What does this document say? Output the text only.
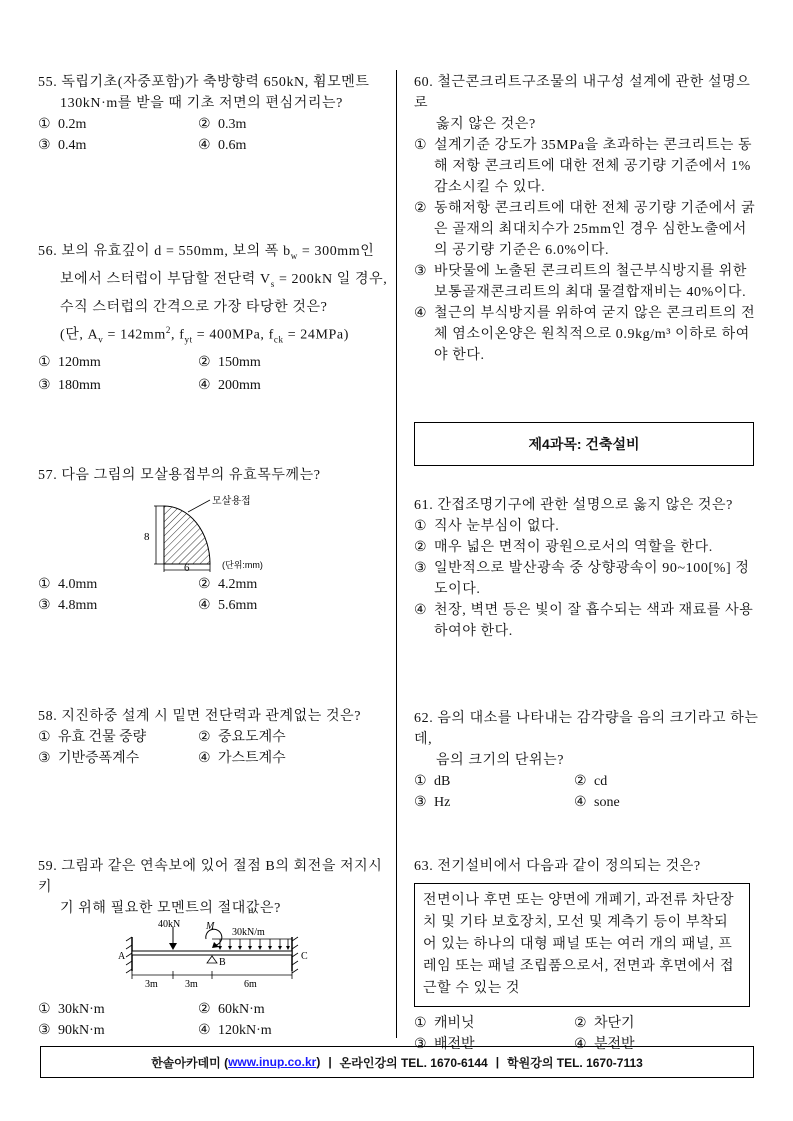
55. 독립기초(자중포함)가 축방향력 650kN, 휨모멘트

130kN·m를 받을 때 기초 저면의 편심거리는?

① 0.2m	② 0.3m
③ 0.4m	④ 0.6m

56. 보의 유효깊이 d = 550mm, 보의 폭 $b_w = 300mm$인

보에서 스터럽이 부담할 전단력 $V_s = 200kN$ 일 경우,

수직 스터럽의 간격으로 가장 타당한 것은?

(단, $A_v = 142mm^2$, $f_{yt} = 400MPa$, $f_{ck} = 24MPa$)

① 120mm	② 150mm
③ 180mm	④ 200mm

57. 다음 그림의 모살용접부의 유효목두께는?

8
모살용접
(단위:mm)
6
① 4.0mm	② 4.2mm
③ 4.8mm	④ 5.6mm

58. 지진하중 설계 시 밑면 전단력과 관계없는 것은?

① 유효 건물 중량	② 중요도계수
③ 기반증폭계수	④ 가스트계수

59. 그림과 같은 연속보에 있어 절점 B의 회전을 저지시키

기 위해 필요한 모멘트의 절대값은?

40kN	M
30kN/m
B
A	C
3m	3m	6m
① 30kN·m	② 60kN·m
③ 90kN·m	④ 120kN·m

60. 철근콘크리트구조물의 내구성 설계에 관한 설명으로

옳지 않은 것은?

① 설계기준 강도가 35MPa을 초과하는 콘크리트는 동해 저항 콘크리트에 대한 전체 공기량 기준에서 1% 감소시킬 수 있다.
② 동해저항 콘크리트에 대한 전체 공기량 기준에서 굵은 골재의 최대치수가 25mm인 경우 심한노출에서의 공기량 기준은 6.0%이다.
③ 바닷물에 노출된 콘크리트의 철근부식방지를 위한 보통골재콘크리트의 최대 물결합재비는 40%이다.
④ 철근의 부식방지를 위하여 굳지 않은 콘크리트의 전체 염소이온양은 원칙적으로 0.9kg/m³ 이하로 하여야 한다.
제4과목: 건축설비

61. 간접조명기구에 관한 설명으로 옳지 않은 것은?

① 직사 눈부심이 없다.
② 매우 넓은 면적이 광원으로서의 역할을 한다.
③ 일반적으로 발산광속 중 상향광속이 90~100[%] 정도이다.
④ 천장, 벽면 등은 빛이 잘 흡수되는 색과 재료를 사용하여야 한다.

62. 음의 대소를 나타내는 감각량을 음의 크기라고 하는데,

음의 크기의 단위는?

① dB	② cd
③ Hz	④ sone

63. 전기설비에서 다음과 같이 정의되는 것은?

전면이나 후면 또는 양면에 개폐기, 과전류 차단장치 및 기타 보호장치, 모선 및 계측기 등이 부착되어 있는 하나의 대형 패널 또는 여러 개의 패널, 프레임 또는 패널 조립품으로서, 전면과 후면에서 접근할 수 있는 것
① 캐비닛	② 차단기
③ 배전반	④ 분전반
한솔아카데미 ( www.inup.co.kr ) | 온라인강의 TEL. 1670-6144 | 학원강의 TEL. 1670-7113
